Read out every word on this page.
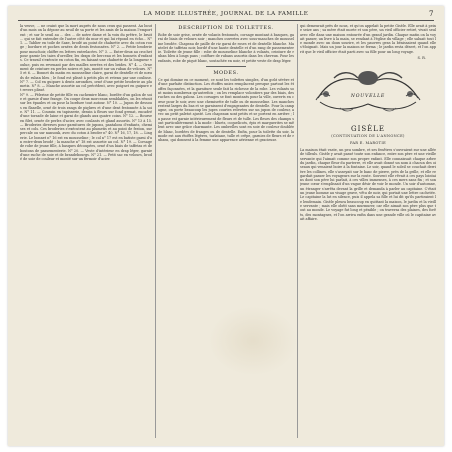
LA MODE ILLUSTRÉE, JOURNAL DE LA FAMILLE	7

la veuve, ... ne craint que la mort auprès de nous ceux qui passent. Au bout d'un mois on la dépose au seuil de sa porte et les amis de la maison l'emportent ; et sur le seuil au ... des ... de notre dame et la voix du prêtre, le bruit ... qui se fait entendre de l'autre côté du mur et qui lui répond en écho... N° 1. — Tablier en toile de Saxe, brodé au point de chaînette avec du coton rouge ; bordure et poches ornées de dents festonnées. N° 2. — Petite broderie pour mouchoir, chiffre en lettres entrelacées. N° 3. — Entre-deux au crochet pour garnir les taies d'oreiller, les draps de berceau et les bonnets d'enfants. Ce travail s'exécute en coton fin, en faisant une chaînette de la longueur voulue, puis en revenant par des mailles serrées et des brides. N° 4. — Ornement de ceinture en perles noires et jais, monté sur un ruban de velours. N° 5 et 6. — Bonnet du matin en mousseline claire, garni de dentelle et de nœuds de ruban bleu ; le fond est plissé à petits plis et retenu par une coulisse. N° 7. — Col en guipure à dents arrondies, orné d'une petite broderie au plumetis. N° 8. — Manche assortie au col précédent, avec poignet en guipure et revers plissé.

N° 9. — Pèlerine de petite fille en cachemire blanc, bordée d'un galon de soie et garnie d'une frange. On coupe deux morceaux semblables, on les réunit sur les épaules et on pose la bordure tout autour. N° 10. — Jupon de dessous en flanelle, orné de trois rangs de piqûres et d'une dent festonnée à la soie. N° 11. — Coussin en tapisserie, dessin à fleurs sur fond grenat, encadré d'une torsade de laine et garni de glands aux quatre coins. N° 12. — Bourse en filet, ornée de perles d'acier, avec coulants et gland assortis. N° 13 à 15. — Broderies diverses pour garnitures de jupons, pantalons d'enfants, chemises et cols. Ces broderies s'exécutent au plumetis et au point de feston, sur percale ou sur nansouk, avec du coton à broder n° 40. N° 16, 17, 18. — Lingerie. Le bonnet n° 16 est en mousseline ; le col n° 17 est en batiste garni d'un entre-deux brodé ; la manche n° 18 est assortie au col. N° 19. — Corsage de robe de jeune fille, à basques découpées, orné d'un biais de taffetas et de boutons de passementerie. N° 20. — Veste d'intérieur en drap léger, garnie d'une ruche de soie et de brandebourgs. N° 21. — Petit sac en velours, brodé de soie de couleur et monté sur un fermoir d'acier.

DESCRIPTION DE TOILETTES.

Robe de soie grise, ornée de volants festonnés, corsage montant à basques, garni de biais de velours noir ; manches ouvertes avec sous-manches de mousseline brodée. Chapeau de paille de riz garni de roses et de dentelle blanche. Mantelet de taffetas noir, bordé d'une haute dentelle et d'un rang de passementerie. Toilette de jeune fille : robe de mousseline blanche à volants, ceinture de ruban bleu à longs pans ; coiffure de rubans assortis dans les cheveux. Pour les enfants, robe de piqué blanc, soutachée en noir, et petite veste de drap léger.

MODES.

Ce qui domine en ce moment, ce sont les toilettes simples, d'un goût sévère et d'une parfaite distinction. Les étoffes unies remplacent presque partout les étoffes façonnées, et la garniture seule fait la richesse de la robe. Les volants sont moins nombreux qu'autrefois ; on les remplace volontiers par des biais, des ruches ou des galons. Les corsages se font montants pour la ville, ouverts en cœur pour le soir, avec une chemisette de tulle ou de mousseline. Les manches restent larges du bas et se garnissent d'engageantes de dentelle. Pour la campagne, on porte beaucoup les jupes courtes relevées sur un jupon de couleur, avec un petit paletot ajusté. Les chapeaux sont petits et se portent en arrière ; la passe est garnie intérieurement de fleurs et de tulle. Les fleurs des champs sont particulièrement à la mode : bluets, coquelicots, épis et marguerites se mêlent avec une grâce charmante. Les ombrelles sont en soie de couleur doublée de blanc, bordées de franges ou de dentelle. Enfin, pour la toilette du soir, la mode est aux étoffes légères, tarlatane, tulle et crêpe, garnies de fleurs et de rubans, qui donnent à la femme une apparence aérienne et gracieuse.

qui demeurait près de nous, et qu'on appelait la petite Gisèle. Elle avait à peine seize ans ; sa mère était morte et son père, un vieil officier retiré, vivait seul avec elle dans une maison entourée d'un grand jardin. Chaque matin on la voyait passer, un livre à la main, se rendant à l'église du village ; elle saluait tout le monde avec un doux sourire, et les pauvres gens la bénissaient quand elle s'éloignait. Mais un jour la maison se ferma ; le jardin resta désert, et l'on apprit que le vieil officier était parti avec sa fille pour un long voyage.

S. R.
NOUVELLE
GISÈLE
(CONTINUATION DE L'ANNONCE)
PAR E. MAROTIE

La maison était vaste, un peu sombre, et ses fenêtres s'ouvraient sur une allée de tilleuls. Gisèle y avait passé toute son enfance, entre son père et une vieille servante qui l'aimait comme son propre enfant. Elle connaissait chaque arbre du jardin, chaque fleur du parterre, et elle avait donné un nom à chacun des oiseaux qui venaient boire à la fontaine. Le soir, quand le soleil se couchait derrière les collines, elle s'asseyait sur le banc de pierre, près de la grille, et elle regardait passer les voyageurs sur la route. Souvent elle rêvait à ces pays lointains dont son père lui parlait, à ces villes immenses, à ces mers sans fin ; et son jeune cœur s'emplissait d'un vague désir de voir le monde. Un soir d'automne, un étranger s'arrêta devant la grille et demanda à parler au capitaine. C'était un jeune homme au visage grave, vêtu de noir, qui portait une lettre cachetée. Le capitaine la lut en silence, puis il appela sa fille et lui dit qu'ils partiraient le lendemain. Gisèle pleura beaucoup en quittant la maison, le jardin et la vieille servante ; mais elle obéit sans murmurer, car elle aimait son père plus que tout au monde. Le voyage fut long et pénible ; on traversa des plaines, des forêts, des montagnes, et l'on arriva enfin dans une grande ville où le capitaine avait affaire.
